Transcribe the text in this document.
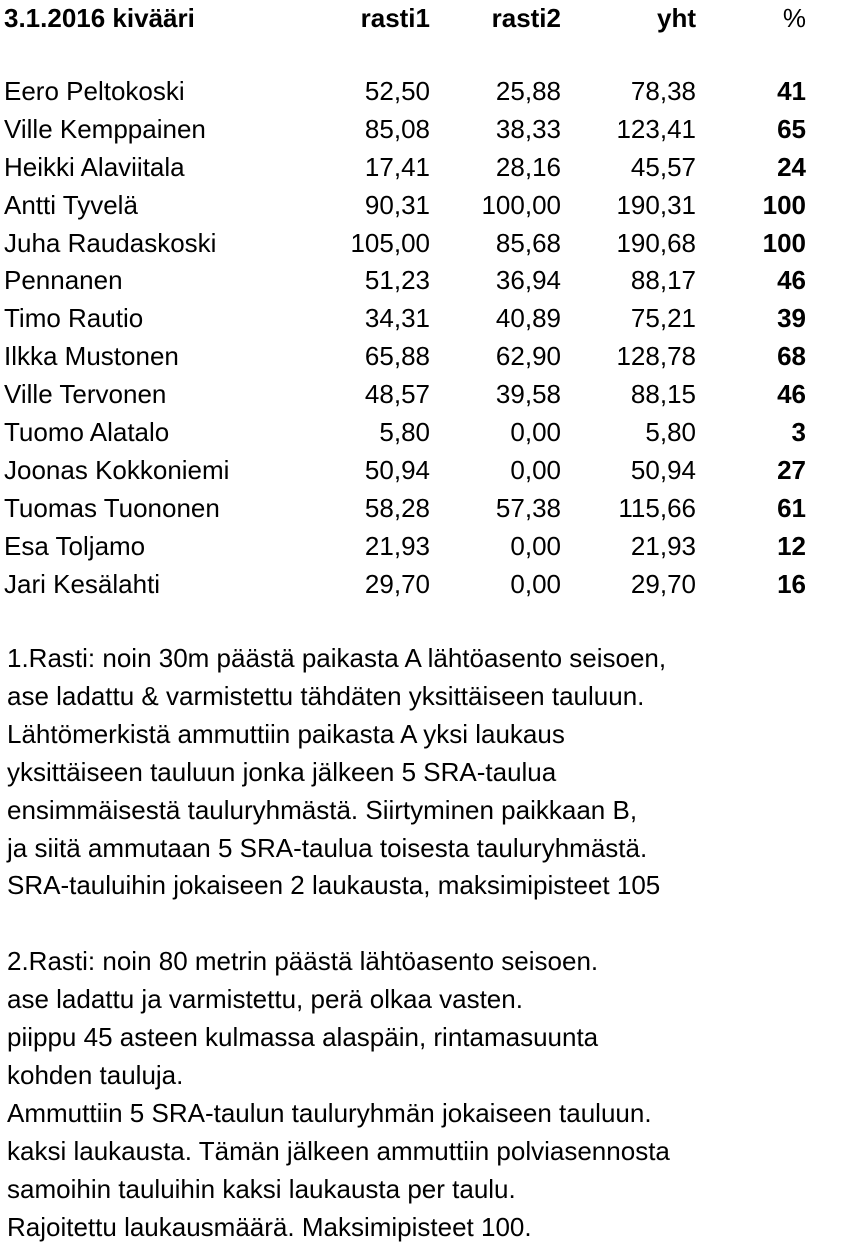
3.1.2016 kivääri	rasti1	rasti2	yht	%

Eero Peltokoski	52,50	25,88	78,38	41
Ville Kemppainen	85,08	38,33	123,41	65
Heikki Alaviitala	17,41	28,16	45,57	24
Antti Tyvelä	90,31	100,00	190,31	100
Juha Raudaskoski	105,00	85,68	190,68	100
Pennanen	51,23	36,94	88,17	46
Timo Rautio	34,31	40,89	75,21	39
Ilkka Mustonen	65,88	62,90	128,78	68
Ville Tervonen	48,57	39,58	88,15	46
Tuomo Alatalo	5,80	0,00	5,80	3
Joonas Kokkoniemi	50,94	0,00	50,94	27
Tuomas Tuononen	58,28	57,38	115,66	61
Esa Toljamo	21,93	0,00	21,93	12
Jari Kesälahti	29,70	0,00	29,70	16

1.Rasti: noin 30m päästä paikasta A lähtöasento seisoen,

ase ladattu & varmistettu tähdäten yksittäiseen tauluun.

Lähtömerkistä ammuttiin paikasta A yksi laukaus

yksittäiseen tauluun jonka jälkeen 5 SRA-taulua

ensimmäisestä tauluryhmästä. Siirtyminen paikkaan B,

ja siitä ammutaan 5 SRA-taulua toisesta tauluryhmästä.

SRA-tauluihin jokaiseen 2 laukausta, maksimipisteet 105

2.Rasti: noin 80 metrin päästä lähtöasento seisoen.

ase ladattu ja varmistettu, perä olkaa vasten.

piippu 45 asteen kulmassa alaspäin, rintamasuunta

kohden tauluja.

Ammuttiin 5 SRA-taulun tauluryhmän jokaiseen tauluun.

kaksi laukausta. Tämän jälkeen ammuttiin polviasennosta

samoihin tauluihin kaksi laukausta per taulu.

Rajoitettu laukausmäärä. Maksimipisteet 100.
